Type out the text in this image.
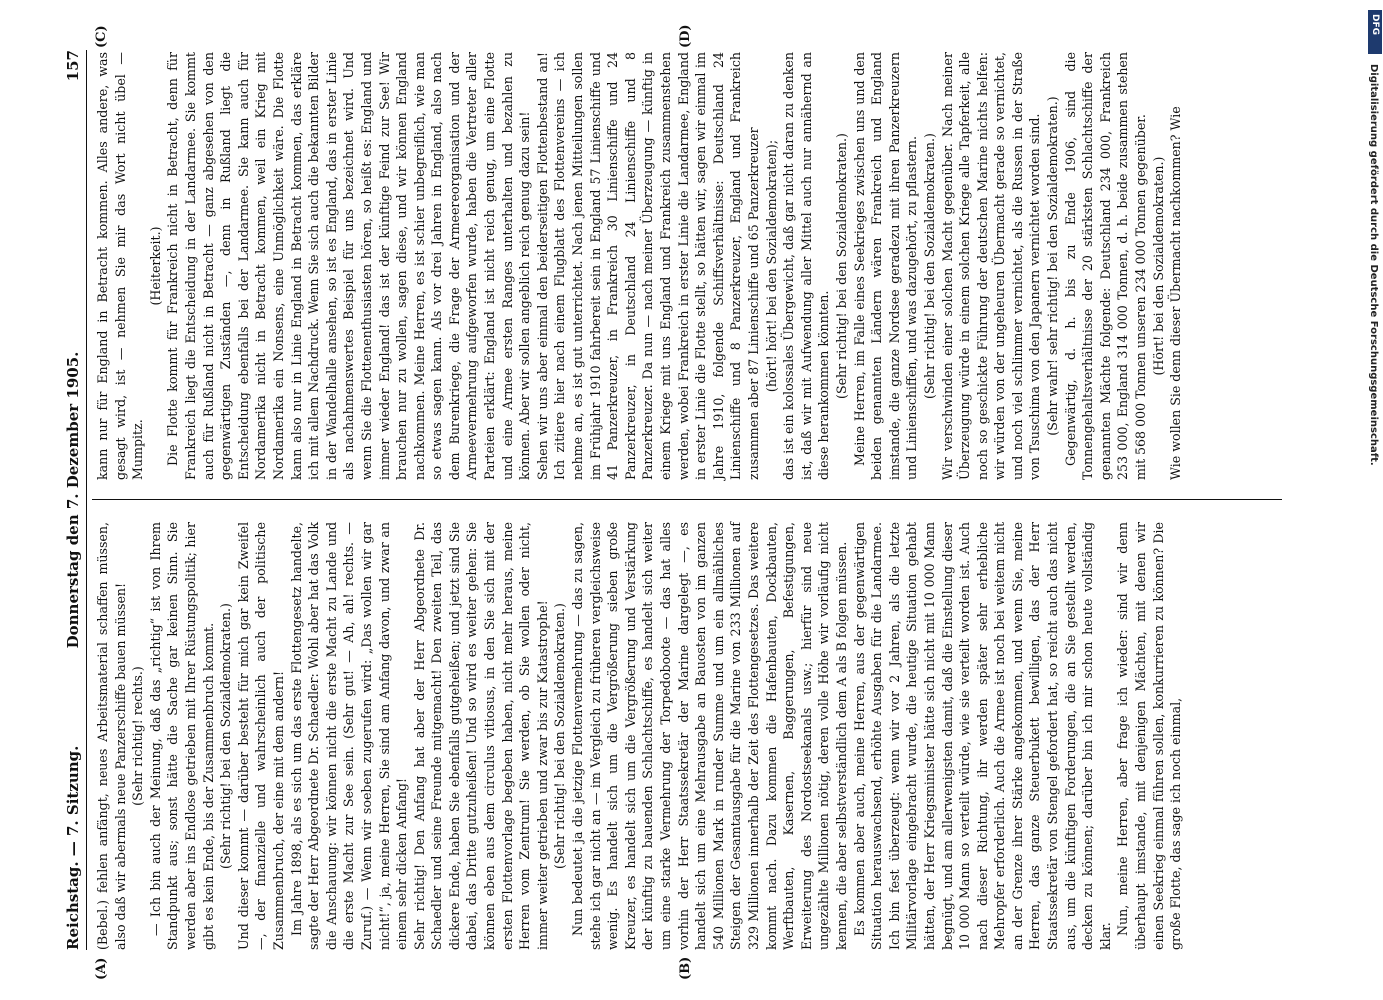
Reichstag. — 7. Sitzung.
Donnerstag den 7. Dezember 1905.
157
(A)	(B)
(C)	(D)

(Bebel.) fehlen anfängt, neues Arbeitsmaterial schaffen müssen, also daß wir abermals neue Panzerschiffe bauen müssen! (Sehr richtig! rechts.) — Ich bin auch der Meinung, daß das „richtig“ ist von Ihrem Standpunkt aus; sonst hätte die Sache gar keinen Sinn. Sie werden aber ins Endlose getrieben mit Ihrer Rüstungspolitik; hier gibt es kein Ende, bis der Zusammenbruch kommt. (Sehr richtig! bei den Sozialdemokraten.) Und dieser kommt — darüber besteht für mich gar kein Zweifel —, der finanzielle und wahrscheinlich auch der politische Zusammenbruch, der eine mit dem andern! Im Jahre 1898, als es sich um das erste Flottengesetz handelte, sagte der Herr Abgeordnete Dr. Schaedler: Wohl aber hat das Volk die Anschauung: wir können nicht die erste Macht zu Lande und die erste Macht zur See sein. (Sehr gut! — Ah, ah! rechts. — Zuruf.) — Wenn wir soeben zugerufen wird: „Das wollen wir gar nicht!“, ja, meine Herren, Sie sind am Anfang davon, und zwar an einem sehr dicken Anfang! Sehr richtig! Den Anfang hat aber der Herr Abgeordnete Dr. Schaedler und seine Freunde mitgemacht! Den zweiten Teil, das dickere Ende, haben Sie ebenfalls gutgeheißen; und jetzt sind Sie dabei, das Dritte gutzuheißen! Und so wird es weiter gehen: Sie können eben aus dem circulus vitiosus, in den Sie sich mit der ersten Flottenvorlage begeben haben, nicht mehr heraus, meine Herren vom Zentrum! Sie werden, ob Sie wollen oder nicht, immer weiter getrieben und zwar bis zur Katastrophe! (Sehr richtig! bei den Sozialdemokraten.) Nun bedeutet ja die jetzige Flottenvermehrung — das zu sagen, stehe ich gar nicht an — im Vergleich zu früheren vergleichsweise wenig. Es handelt sich um die Vergrößerung sieben große Kreuzer, es handelt sich um die Vergrößerung und Verstärkung der künftig zu bauenden Schlachtschiffe, es handelt sich weiter um eine starke Vermehrung der Torpedoboote — das hat alles vorhin der Herr Staatssekretär der Marine dargelegt —, es handelt sich um eine Mehrausgabe an Bauosten von im ganzen 540 Millionen Mark in runder Summe und um ein allmähliches Steigen der Gesamtausgabe für die Marine von 233 Millionen auf 329 Millionen innerhalb der Zeit des Flottengesetzes. Das weitere kommt nach. Dazu kommen die Hafenbauten, Dockbauten, Werftbauten, Kasernen, Baggerungen, Befestigungen, Erweiterung des Nordostseekanals usw.; hierfür sind neue ungezählte Millionen nötig, deren volle Höhe wir vorläufig nicht kennen, die aber selbstverständlich dem A als B folgen müssen. Es kommen aber auch, meine Herren, aus der gegenwärtigen Situation herauswachsend, erhöhte Ausgaben für die Landarmee. Ich bin fest überzeugt: wenn wir vor 2 Jahren, als die letzte Militärvorlage eingebracht wurde, die heutige Situation gehabt hätten, der Herr Kriegsminister hätte sich nicht mit 10 000 Mann begnügt, und am allerwenigsten damit, daß die Einstellung dieser 10 000 Mann so verteilt würde, wie sie verteilt worden ist. Auch nach dieser Richtung, ihr werden später sehr erhebliche Mehropfer erforderlich. Auch die Armee ist noch bei weitem nicht an der Grenze ihrer Stärke angekommen, und wenn Sie, meine Herren, das ganze Steuerbukett bewilligen, das der Herr Staatssekretär von Stengel gefordert hat, so reicht auch das nicht aus, um die künftigen Forderungen, die an Sie gestellt werden, decken zu können; darüber bin ich mir schon heute vollständig klar.

Nun, meine Herren, aber frage ich wieder: sind wir denn überhaupt imstande, mit denjenigen Mächten, mit denen wir einen Seekrieg einmal führen sollen, konkurrieren zu können? Die große Flotte, das sage ich noch einmal,

kann nur für England in Betracht kommen. Alles andere, was gesagt wird, ist — nehmen Sie mir das Wort nicht übel — Mumpitz.

(Heiterkeit.) Die Flotte kommt für Frankreich nicht in Betracht, denn für Frankreich liegt die Entscheidung in der Landarmee. Sie kommt auch für Rußland nicht in Betracht — ganz abgesehen von den gegenwärtigen Zuständen —, denn in Rußland liegt die Entscheidung ebenfalls bei der Landarmee. Sie kann auch für Nordamerika nicht in Betracht kommen, weil ein Krieg mit Nordamerika ein Nonsens, eine Unmöglichkeit wäre. Die Flotte kann also nur in Linie England in Betracht kommen, das erkläre ich mit allem Nachdruck. Wenn Sie sich auch die bekannten Bilder in der Wandelhalle ansehen, so ist es England, das in erster Linie als nachahmenswertes Beispiel für uns bezeichnet wird. Und wenn Sie die Flottenenthusiasten hören, so heißt es: England und immer wieder England! das ist der künftige Feind zur See! Wir brauchen nur zu wollen, sagen diese, und wir können England nachkommen. Meine Herren, es ist schier unbegreiflich, wie man so etwas sagen kann. Als vor drei Jahren in England, also nach dem Burenkriege, die Frage der Armeereorganisation und der Armeevermehrung aufgeworfen wurde, haben die Vertreter aller Parteien erklärt: England ist nicht reich genug, um eine Flotte und eine Armee ersten Ranges unterhalten und bezahlen zu können. Aber wir sollen angeblich reich genug dazu sein! Sehen wir uns aber einmal den beiderseitigen Flottenbestand an! Ich zitiere hier nach einem Flugblatt des Flottenvereins — ich nehme an, es ist gut unterrichtet. Nach jenen Mitteilungen sollen im Frühjahr 1910 fahrbereit sein in England 57 Linienschiffe und 41 Panzerkreuzer, in Frankreich 30 Linienschiffe und 24 Panzerkreuzer, in Deutschland 24 Linienschiffe und 8 Panzerkreuzer. Da nun — nach meiner Überzeugung — künftig in einem Kriege mit uns England und Frankreich zusammenstehen werden, wobei Frankreich in erster Linie die Landarmee, England in erster Linie die Flotte stellt, so hätten wir, sagen wir einmal im Jahre 1910, folgende Schiffsverhältnisse: Deutschland 24 Linienschiffe und 8 Panzerkreuzer, England und Frankreich zusammen aber 87 Linienschiffe und 65 Panzerkreuzer (hört! hört! bei den Sozialdemokraten); das ist ein kolossales Übergewicht, daß gar nicht daran zu denken ist, daß wir mit Aufwendung aller Mittel auch nur annähernd an diese herankommen könnten. (Sehr richtig! bei den Sozialdemokraten.) Meine Herren, im Falle eines Seekrieges zwischen uns und den beiden genannten Ländern wären Frankreich und England imstande, die ganze Nordsee geradezu mit ihren Panzerkreuzern und Linienschiffen, und was dazugehört, zu pflastern. (Sehr richtig! bei den Sozialdemokraten.) Wir verschwinden einer solchen Macht gegenüber. Nach meiner Überzeugung würde in einem solchen Kriege alle Tapferkeit, alle noch so geschickte Führung der deutschen Marine nichts helfen: wir würden von der ungeheuren Übermacht gerade so vernichtet, und noch viel schlimmer vernichtet, als die Russen in der Straße von Tsuschima von den Japanern vernichtet worden sind. (Sehr wahr! sehr richtig! bei den Sozialdemokraten.) Gegenwärtig, d. h. bis zu Ende 1906, sind die Tonnengehaltsverhältnisse der 20 stärksten Schlachtschiffe der genannten Mächte folgende: Deutschland 234 000, Frankreich 253 000, England 314 000 Tonnen, d. h. beide zusammen stehen mit 568 000 Tonnen unseren 234 000 Tonnen gegenüber. (Hört! bei den Sozialdemokraten.) Wie wollen Sie denn dieser Übermacht nachkommen? Wie

DFG
Digitalisierung gefördert durch die Deutsche Forschungsgemeinschaft.
